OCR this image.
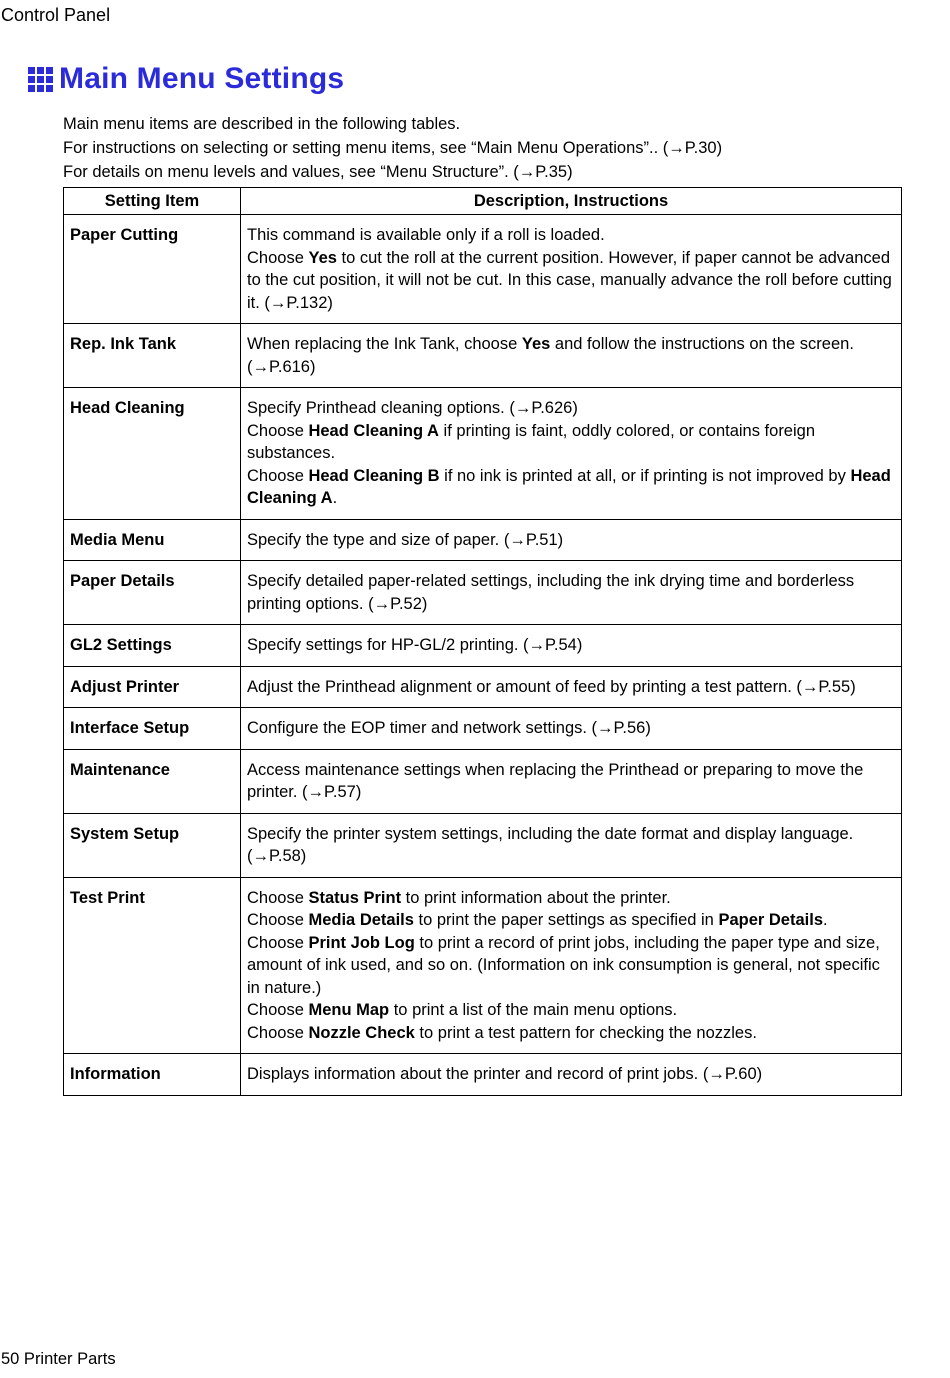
Control Panel
Main Menu Settings
Main menu items are described in the following tables.
For instructions on selecting or setting menu items, see “Main Menu Operations”.. (→P.30)
For details on menu levels and values, see “Menu Structure”. (→P.35)
Setting Item	Description, Instructions
Paper Cutting	This command is available only if a roll is loaded.
Choose Yes to cut the roll at the current position. However, if paper cannot be advanced to the cut position, it will not be cut. In this case, manually advance the roll before cutting it. (→P.132)

Rep. Ink Tank	When replacing the Ink Tank, choose Yes and follow the instructions on the screen. (→P.616)

Head Cleaning	Specify Printhead cleaning options. (→P.626)
Choose Head Cleaning A if printing is faint, oddly colored, or contains foreign substances.
Choose Head Cleaning B if no ink is printed at all, or if printing is not improved by Head Cleaning A.

Media Menu	Specify the type and size of paper. (→P.51)

Paper Details	Specify detailed paper-related settings, including the ink drying time and borderless printing options. (→P.52)

GL2 Settings	Specify settings for HP-GL/2 printing. (→P.54)

Adjust Printer	Adjust the Printhead alignment or amount of feed by printing a test pattern. (→P.55)

Interface Setup	Configure the EOP timer and network settings. (→P.56)

Maintenance	Access maintenance settings when replacing the Printhead or preparing to move the printer. (→P.57)

System Setup	Specify the printer system settings, including the date format and display language. (→P.58)

Test Print	Choose Status Print to print information about the printer.
Choose Media Details to print the paper settings as specified in Paper Details.
Choose Print Job Log to print a record of print jobs, including the paper type and size, amount of ink used, and so on. (Information on ink consumption is general, not specific in nature.)
Choose Menu Map to print a list of the main menu options.
Choose Nozzle Check to print a test pattern for checking the nozzles.

Information	Displays information about the printer and record of print jobs. (→P.60)
50 Printer Parts
